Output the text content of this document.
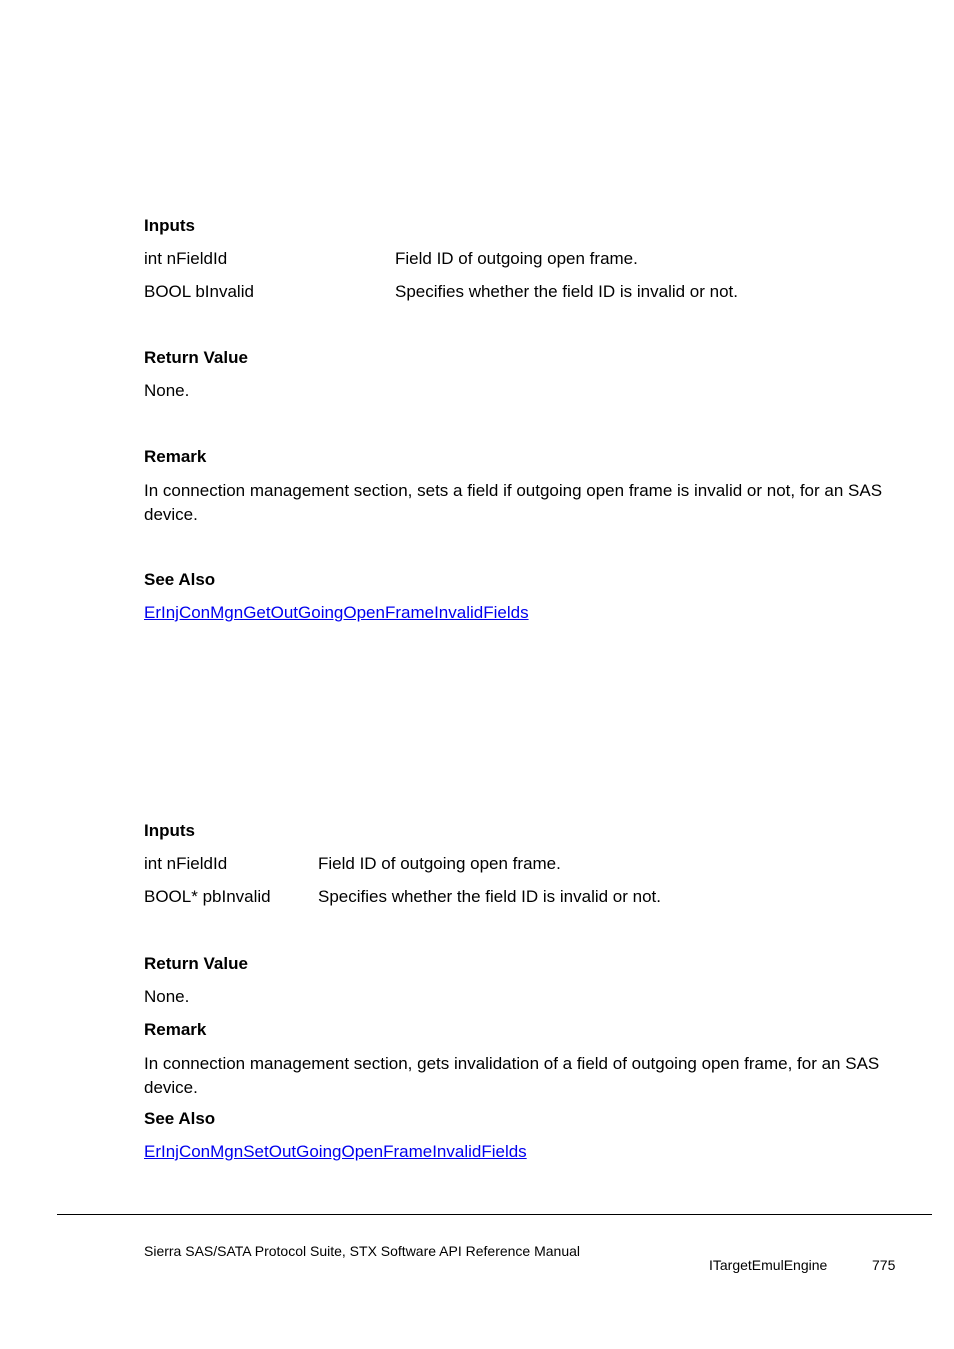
Inputs
int nFieldId	Field ID of outgoing open frame.
BOOL bInvalid	Specifies whether the field ID is invalid or not.
Return Value
None.
Remark
In connection management section, sets a field if outgoing open frame is invalid or not, for an SAS device.
See Also
ErInjConMgnGetOutGoingOpenFrameInvalidFields
Inputs
int nFieldId	Field ID of outgoing open frame.
BOOL* pbInvalid	Specifies whether the field ID is invalid or not.
Return Value
None.
Remark
In connection management section, gets invalidation of a field of outgoing open frame, for an SAS device.
See Also
ErInjConMgnSetOutGoingOpenFrameInvalidFields
Sierra SAS/SATA Protocol Suite, STX Software API Reference Manual
ITargetEmulEngine	775
